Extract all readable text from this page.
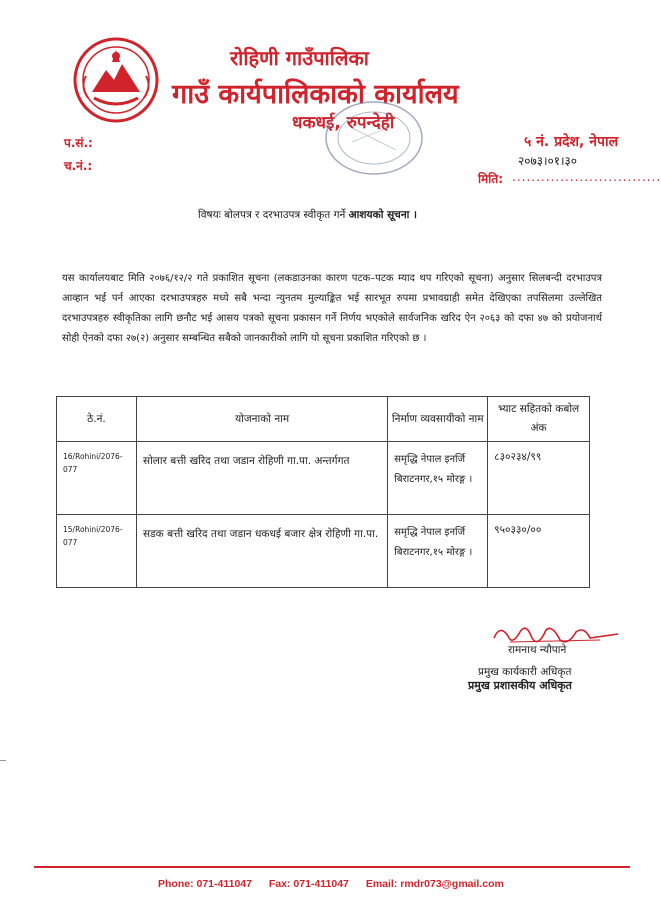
रोहिणी गाउँपालिका
गाउँ कार्यपालिकाको कार्यालय
धकधई, रुपन्देही
प.सं.:
च.नं.:
५ नं. प्रदेश, नेपाल
२०७३।०१।३०
मिति: ...............................
विषयः बोलपत्र र दरभाउपत्र स्वीकृत गर्ने आशयको सूचना ।
यस कार्यालयबाट मिति २०७६/१२/२ गते प्रकाशित सूचना (लकडाउनका कारण पटक–पटक म्याद थप गरिएको सूचना) अनुसार सिलबन्दी दरभाउपत्र आव्हान भई पर्न आएका दरभाउपत्रहरु मध्ये सबै भन्दा न्युनतम मुल्याङ्कित भई सारभूत रुपमा प्रभावग्राही समेत देखिएका तपसिलमा उल्लेखित दरभाउपत्रहरु स्वीकृतिका लागि छनौट भई आसय पत्रको सूचना प्रकासन गर्ने निर्णय भएकोले सार्वजनिक खरिद ऐन २०६३ को दफा ४७ को प्रयोजनार्थ सोही ऐनको दफा २७(२) अनुसार सम्बन्धित सबैको जानकारीको लागि यो सूचना प्रकाशित गरिएको छ ।
ठे.नं.	योजनाको नाम	निर्माण व्यवसायीको नाम	भ्याट सहितको कबोल अंक
16/Rohini/2076-077	सोलार बत्ती खरिद तथा जडान रोहिणी गा.पा. अन्तर्गगत	समृद्धि नेपाल इनर्जि बिराटनगर,१५ मोरङ्ग ।	८३०२३४/९९
15/Rohini/2076-077	सडक बत्ती खरिद तथा जडान धकधई बजार क्षेत्र रोहिणी गा.पा.	समृद्धि नेपाल इनर्जि बिराटनगर,१५ मोरङ्ग ।	९५०३३०/००
रामनाथ न्यौपाने
प्रमुख कार्यकारी अधिकृत
प्रमुख प्रशासकीय अधिकृत
Phone: 071-411047 Fax: 071-411047 Email: rmdr073@gmail.com
